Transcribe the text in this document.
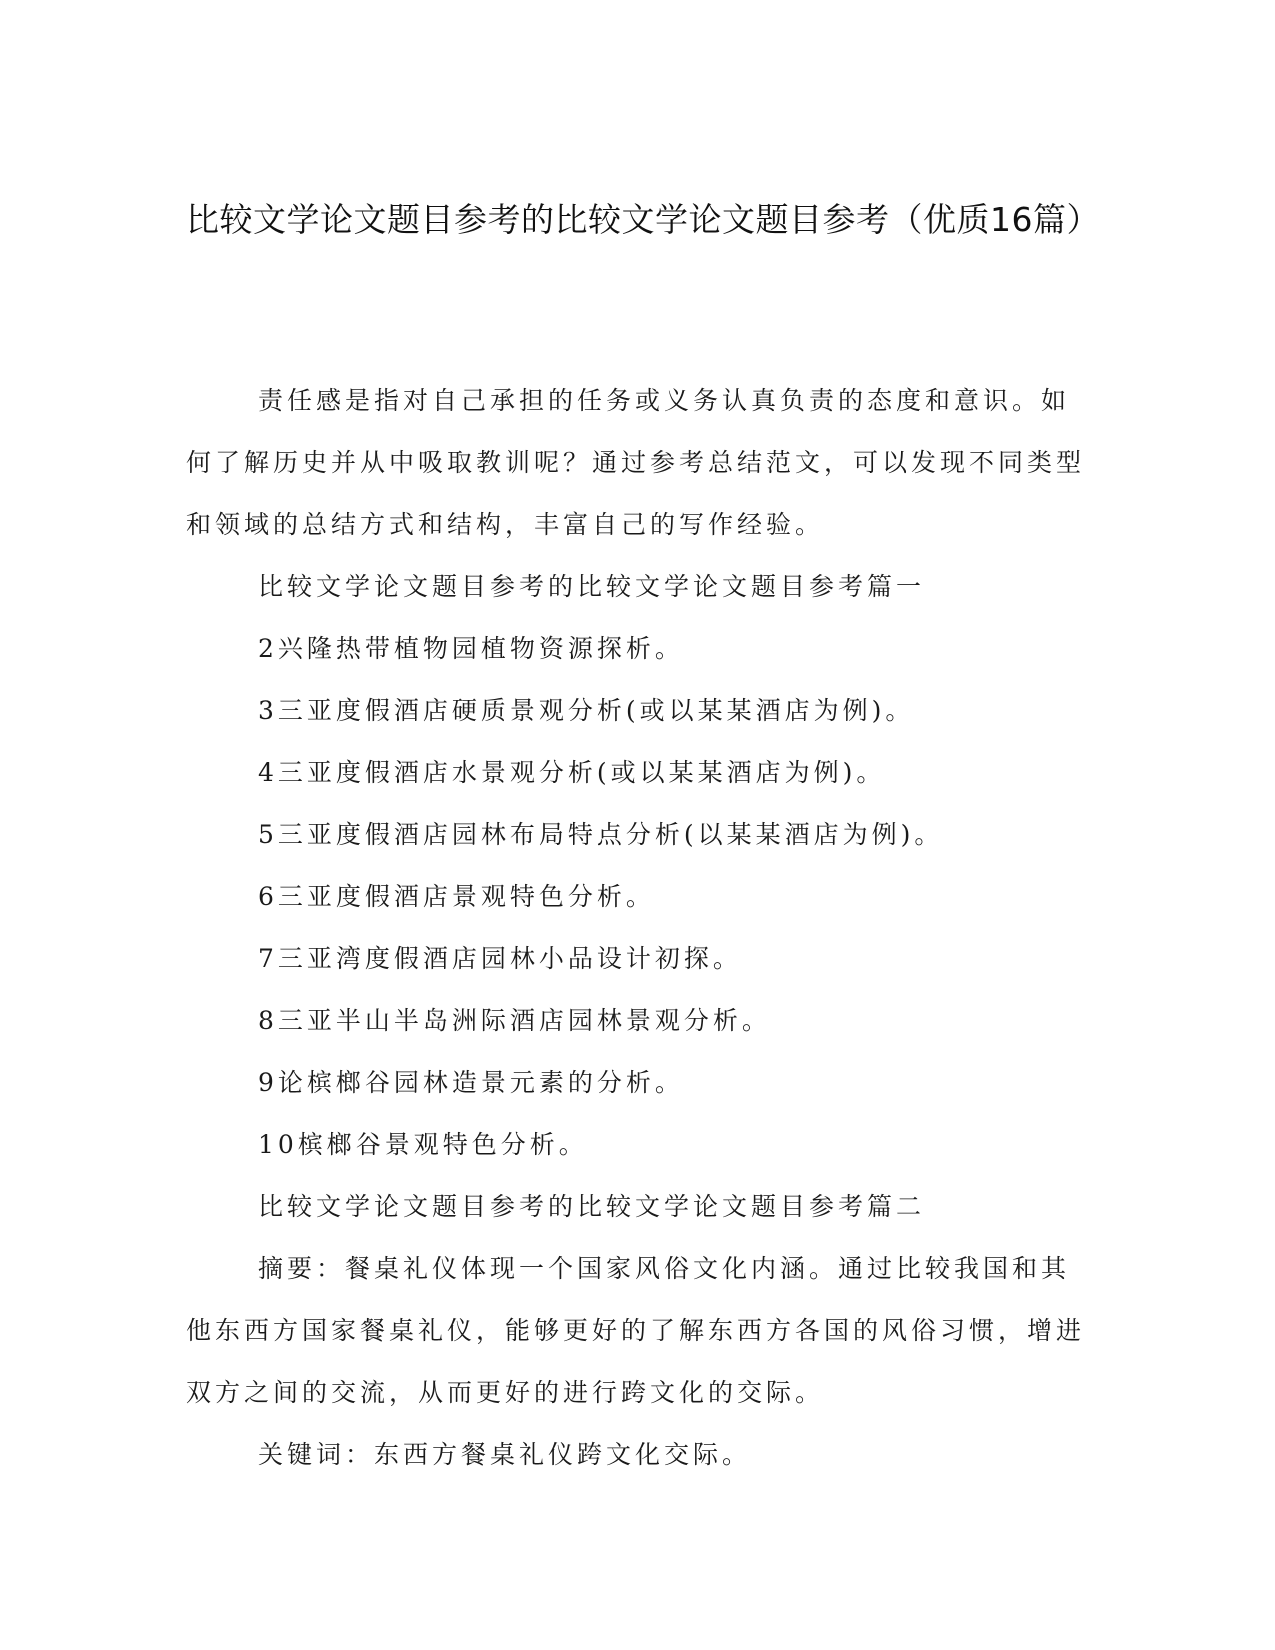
比较文学论文题目参考的比较文学论文题目参考（优质16篇）

责任感是指对自己承担的任务或义务认真负责的态度和意识。如何了解历史并从中吸取教训呢？通过参考总结范文，可以发现不同类型和领域的总结方式和结构，丰富自己的写作经验。

比较文学论文题目参考的比较文学论文题目参考篇一

2兴隆热带植物园植物资源探析。

3三亚度假酒店硬质景观分析(或以某某酒店为例)。

4三亚度假酒店水景观分析(或以某某酒店为例)。

5三亚度假酒店园林布局特点分析(以某某酒店为例)。

6三亚度假酒店景观特色分析。

7三亚湾度假酒店园林小品设计初探。

8三亚半山半岛洲际酒店园林景观分析。

9论槟榔谷园林造景元素的分析。

10槟榔谷景观特色分析。

比较文学论文题目参考的比较文学论文题目参考篇二

摘要：餐桌礼仪体现一个国家风俗文化内涵。通过比较我国和其他东西方国家餐桌礼仪，能够更好的了解东西方各国的风俗习惯，增进双方之间的交流，从而更好的进行跨文化的交际。

关键词：东西方餐桌礼仪跨文化交际。
